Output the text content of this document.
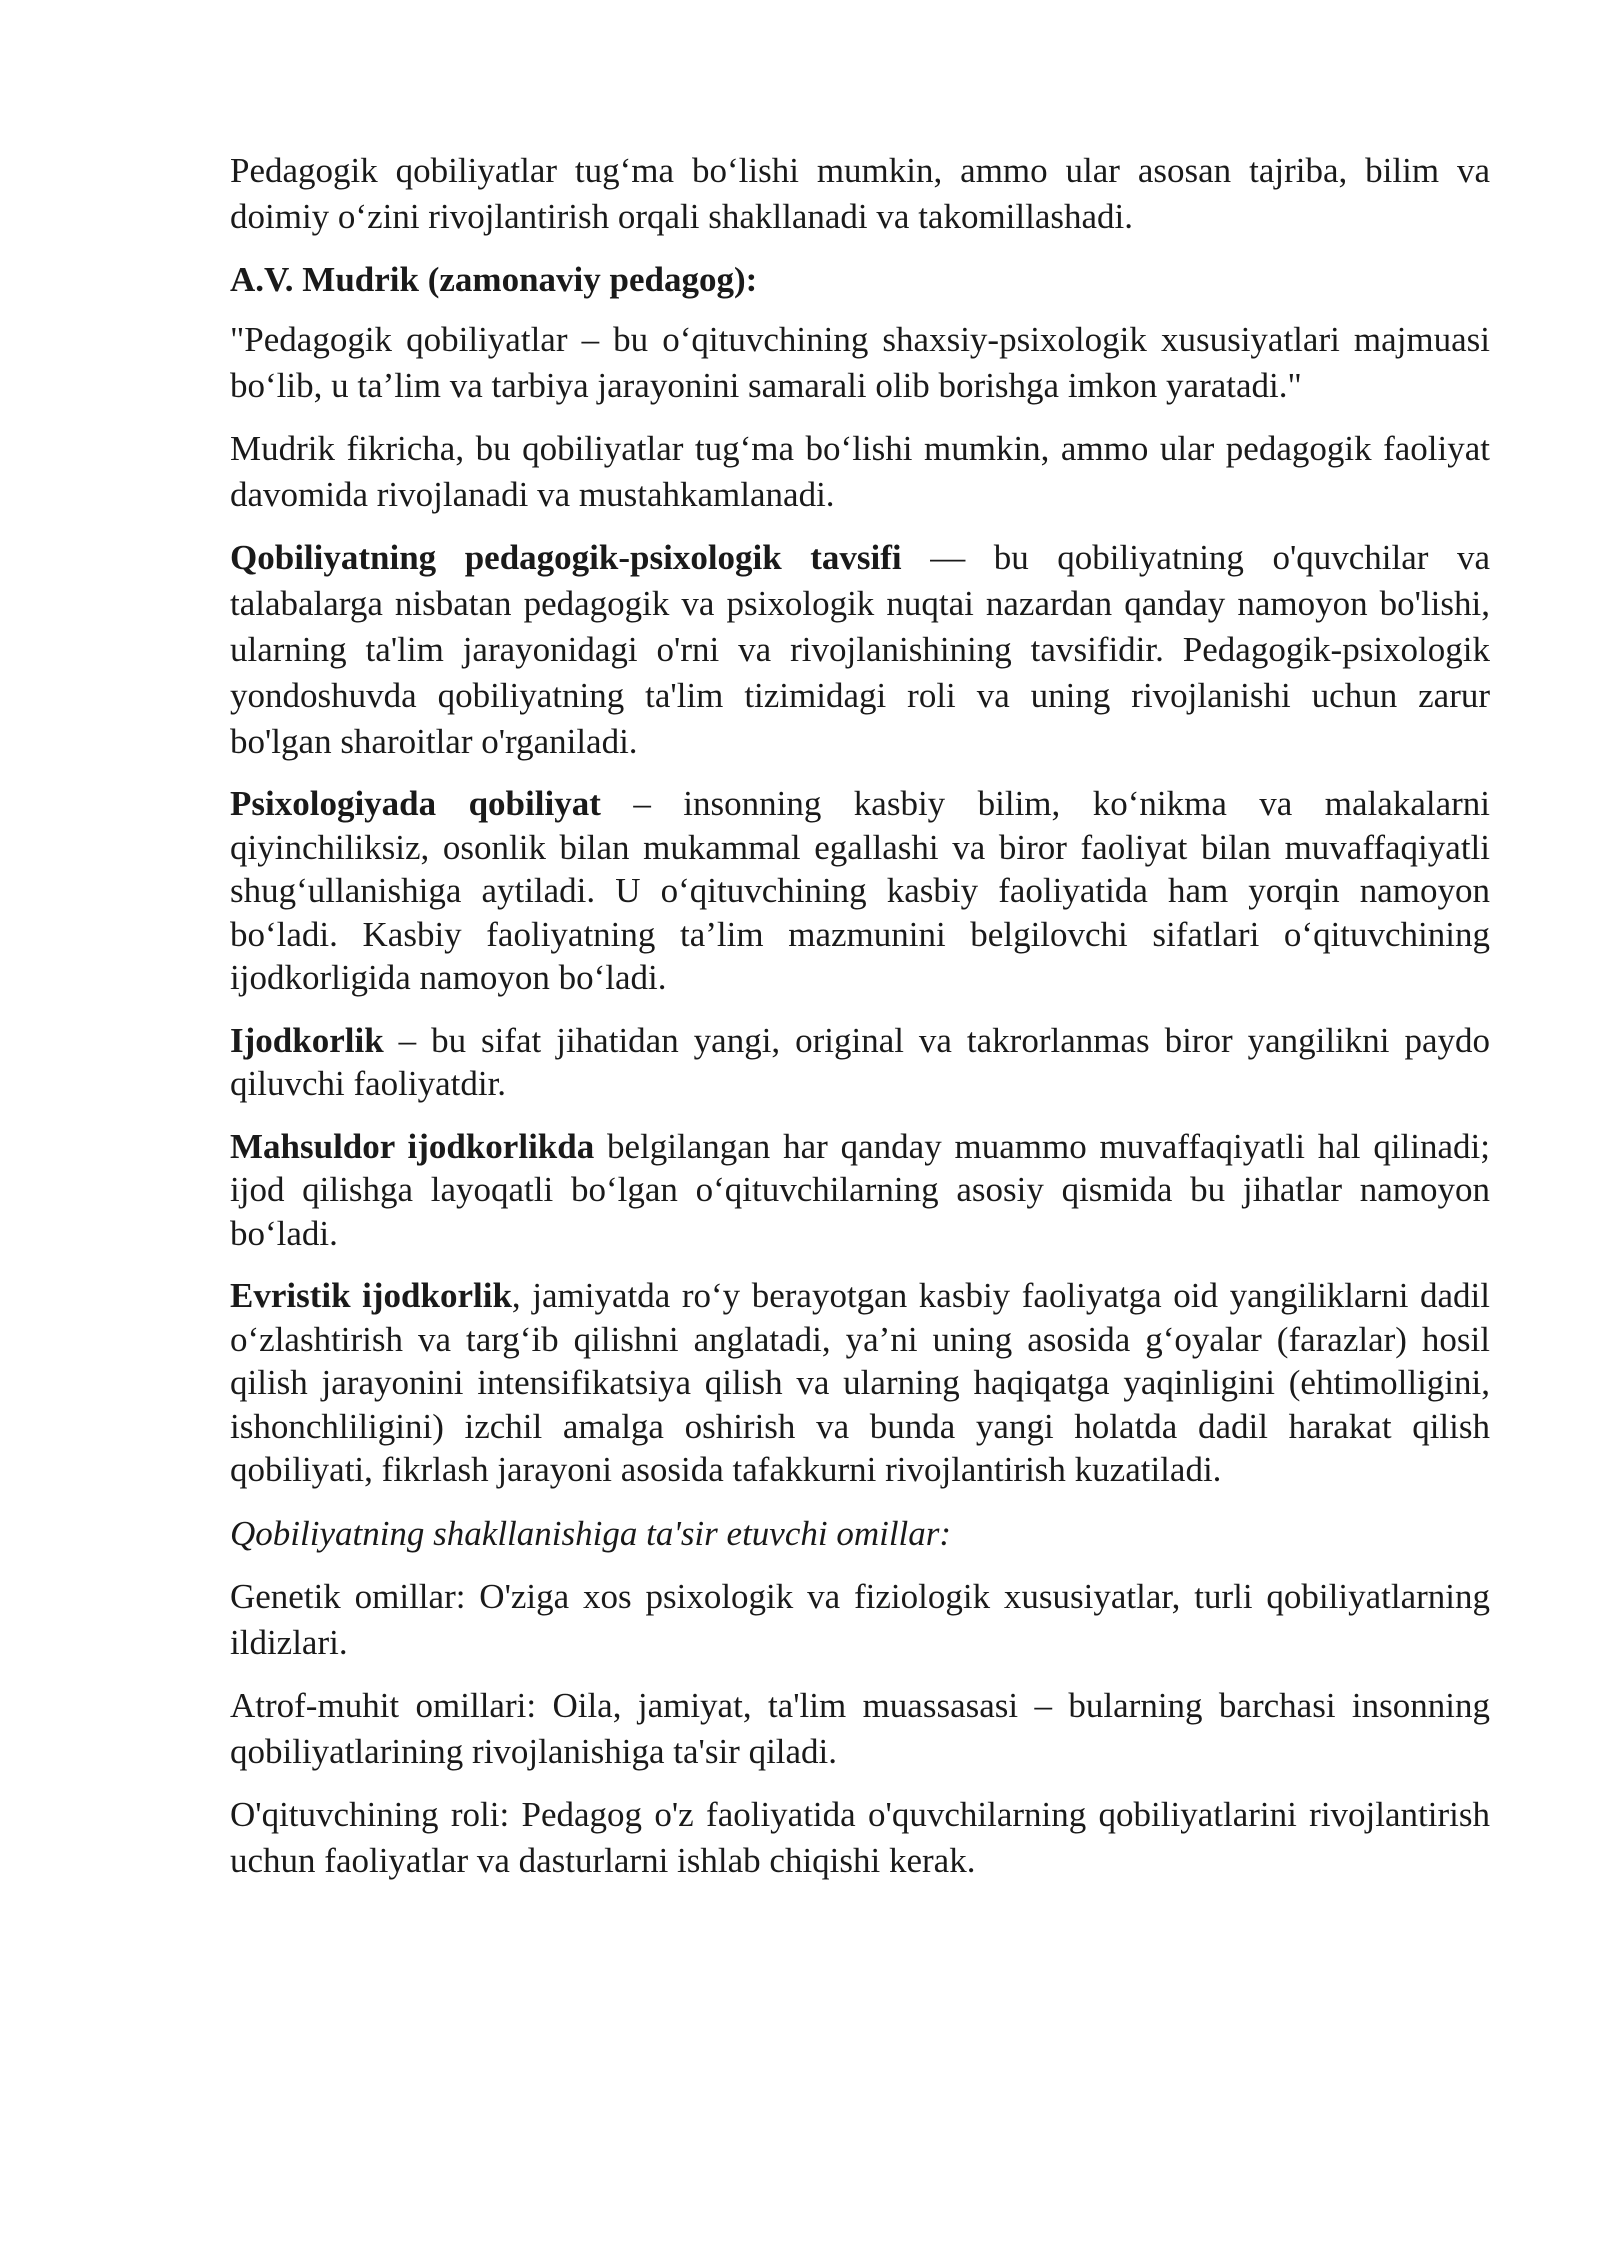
Pedagogik qobiliyatlar tug‘ma bo‘lishi mumkin, ammo ular asosan tajriba, bilim va doimiy o‘zini rivojlantirish orqali shakllanadi va takomillashadi.

A.V. Mudrik (zamonaviy pedagog):

"Pedagogik qobiliyatlar – bu o‘qituvchining shaxsiy-psixologik xususiyatlari majmuasi bo‘lib, u ta’lim va tarbiya jarayonini samarali olib borishga imkon yaratadi."

Mudrik fikricha, bu qobiliyatlar tug‘ma bo‘lishi mumkin, ammo ular pedagogik faoliyat davomida rivojlanadi va mustahkamlanadi.

Qobiliyatning pedagogik-psixologik tavsifi — bu qobiliyatning o'quvchilar va talabalarga nisbatan pedagogik va psixologik nuqtai nazardan qanday namoyon bo'lishi, ularning ta'lim jarayonidagi o'rni va rivojlanishining tavsifidir. Pedagogik-psixologik yondoshuvda qobiliyatning ta'lim tizimidagi roli va uning rivojlanishi uchun zarur bo'lgan sharoitlar o'rganiladi.

Psixologiyada qobiliyat – insonning kasbiy bilim, ko‘nikma va malakalarni qiyinchiliksiz, osonlik bilan mukammal egallashi va biror faoliyat bilan muvaffaqiyatli shug‘ullanishiga aytiladi. U o‘qituvchining kasbiy faoliyatida ham yorqin namoyon bo‘ladi. Kasbiy faoliyatning ta’lim mazmunini belgilovchi sifatlari o‘qituvchining ijodkorligida namoyon bo‘ladi.

Ijodkorlik – bu sifat jihatidan yangi, original va takrorlanmas biror yangilikni paydo qiluvchi faoliyatdir.

Mahsuldor ijodkorlikda belgilangan har qanday muammo muvaffaqiyatli hal qilinadi; ijod qilishga layoqatli bo‘lgan o‘qituvchilarning asosiy qismida bu jihatlar namoyon bo‘ladi.

Evristik ijodkorlik, jamiyatda ro‘y berayotgan kasbiy faoliyatga oid yangiliklarni dadil o‘zlashtirish va targ‘ib qilishni anglatadi, ya’ni uning asosida g‘oyalar (farazlar) hosil qilish jarayonini intensifikatsiya qilish va ularning haqiqatga yaqinligini (ehtimolligini, ishonchliligini) izchil amalga oshirish va bunda yangi holatda dadil harakat qilish qobiliyati, fikrlash jarayoni asosida tafakkurni rivojlantirish kuzatiladi.

Qobiliyatning shakllanishiga ta'sir etuvchi omillar:

Genetik omillar: O'ziga xos psixologik va fiziologik xususiyatlar, turli qobiliyatlarning ildizlari.

Atrof-muhit omillari: Oila, jamiyat, ta'lim muassasasi – bularning barchasi insonning qobiliyatlarining rivojlanishiga ta'sir qiladi.

O'qituvchining roli: Pedagog o'z faoliyatida o'quvchilarning qobiliyatlarini rivojlantirish uchun faoliyatlar va dasturlarni ishlab chiqishi kerak.
